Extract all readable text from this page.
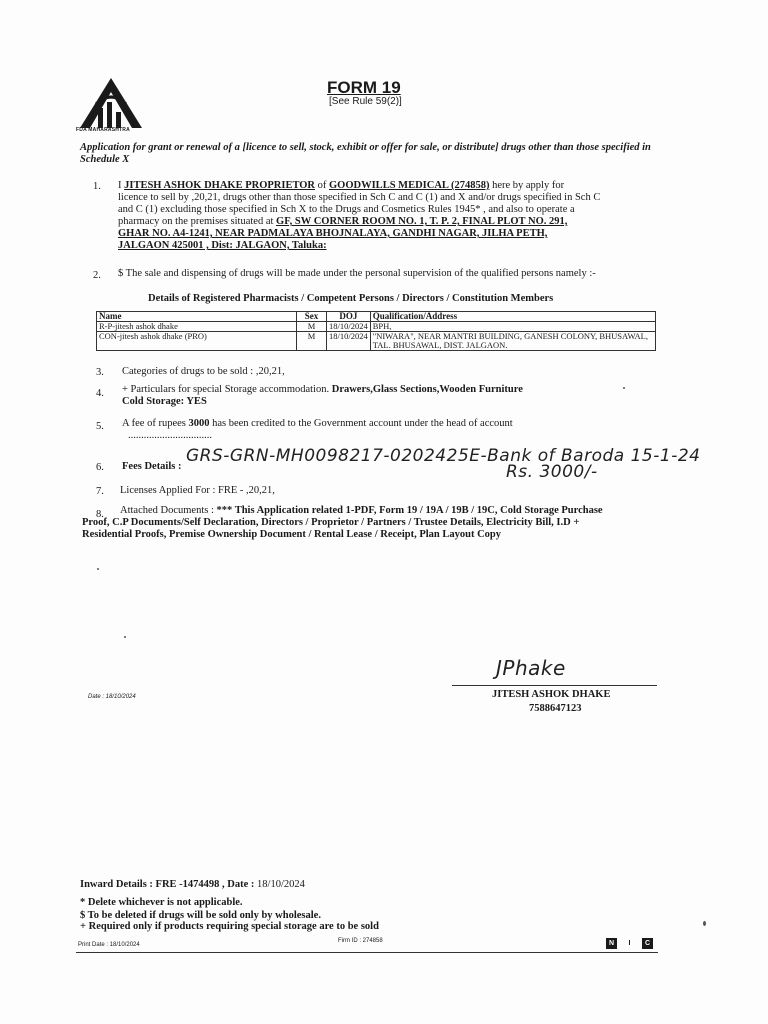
FDA MAHARASHTRA
FORM 19
[See Rule 59(2)]
Application for grant or renewal of a [licence to sell, stock, exhibit or offer for sale, or distribute] drugs other than those specified in Schedule X
1. I JITESH ASHOK DHAKE PROPRIETOR of GOODWILLS MEDICAL (274858) here by apply for
licence to sell by ,20,21, drugs other than those specified in Sch C and C (1) and X and/or drugs specified in Sch C
and C (1) excluding those specified in Sch X to the Drugs and Cosmetics Rules 1945* , and also to operate a
pharmacy on the premises situated at GF, SW CORNER ROOM NO. 1, T. P. 2, FINAL PLOT NO. 291,
GHAR NO. A4-1241, NEAR PADMALAYA BHOJNALAYA, GANDHI NAGAR, JILHA PETH,
JALGAON 425001 , Dist: JALGAON, Taluka:
2. $ The sale and dispensing of drugs will be made under the personal supervision of the qualified persons namely :-
Details of Registered Pharmacists / Competent Persons / Directors / Constitution Members
Name	Sex	DOJ	Qualification/Address
R-P-jitesh ashok dhake	M	18/10/2024	BPH,
CON-jitesh ashok dhake (PRO)	M	18/10/2024	"NIWARA", NEAR MANTRI BUILDING, GANESH COLONY, BHUSAWAL, TAL. BHUSAWAL, DIST. JALGAON.
3. Categories of drugs to be sold : ,20,21,
4. + Particulars for special Storage accommodation. Drawers,Glass Sections,Wooden Furniture
Cold Storage: YES
5. A fee of rupees 3000 has been credited to the Government account under the head of account
................................
6. Fees Details :
GRS-GRN-MH0098217-0202425E-Bank of Baroda 15-1-24
Rs. 3000/-
7. Licenses Applied For : FRE - ,20,21,
8. Attached Documents : *** This Application related 1-PDF, Form 19 / 19A / 19B / 19C, Cold Storage Purchase
Proof, C.P Documents/Self Declaration, Directors / Proprietor / Partners / Trustee Details, Electricity Bill, I.D +
Residential Proofs, Premise Ownership Document / Rental Lease / Receipt, Plan Layout Copy
JPhake
JITESH ASHOK DHAKE
7588647123
Date : 18/10/2024
Inward Details : FRE -1474498 , Date : 18/10/2024
* Delete whichever is not applicable.
$ To be deleted if drugs will be sold only by wholesale.
+ Required only if products requiring special storage are to be sold
Print Date : 18/10/2024
Firm ID : 274858	N	I	C
